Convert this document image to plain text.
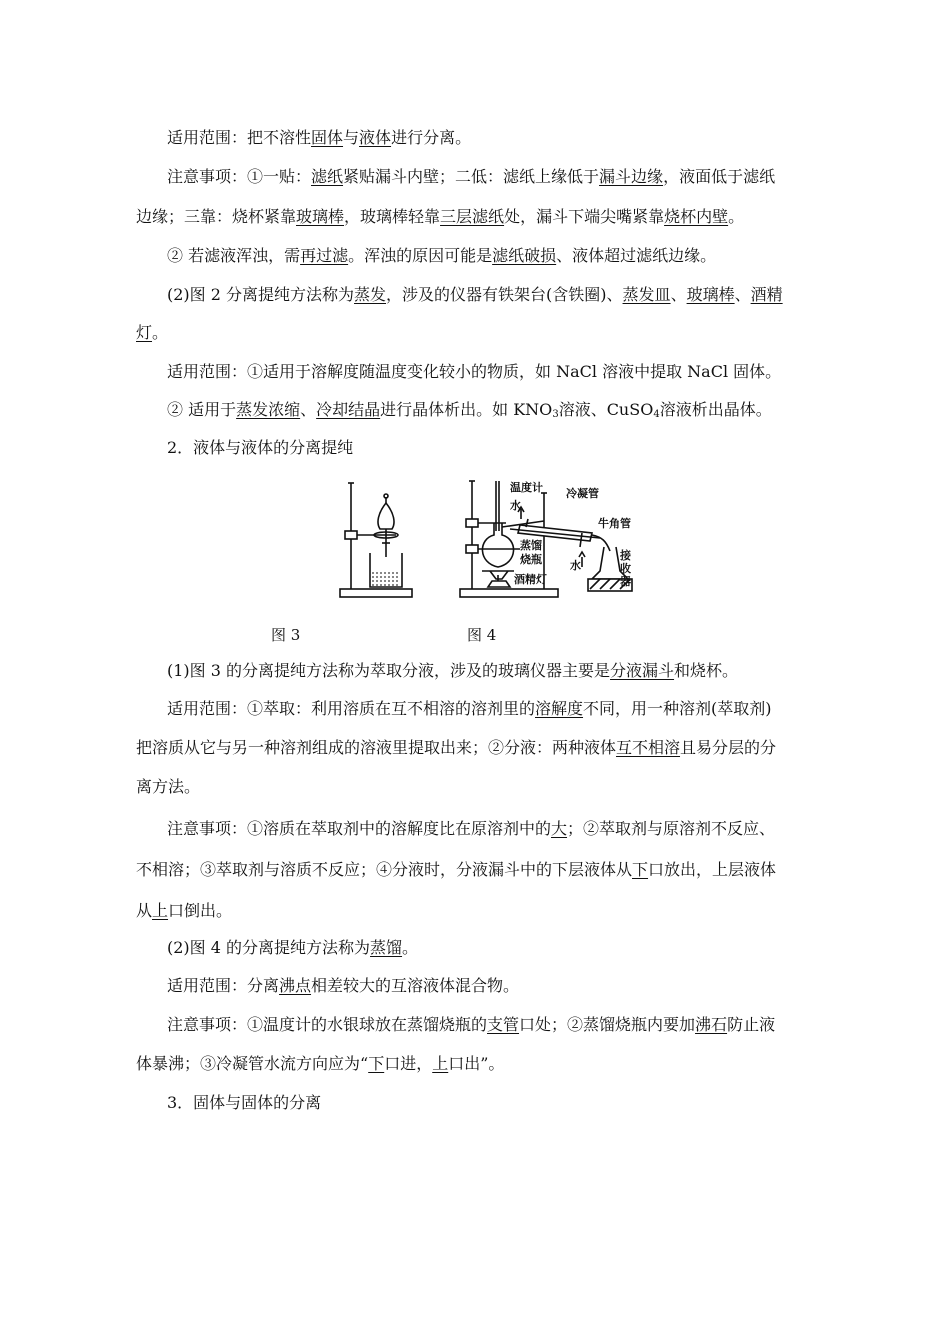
适用范围：把不溶性固体与液体进行分离。
注意事项：①一贴：滤纸紧贴漏斗内壁；二低：滤纸上缘低于漏斗边缘，液面低于滤纸
边缘；三靠：烧杯紧靠玻璃棒，玻璃棒轻靠三层滤纸处，漏斗下端尖嘴紧靠烧杯内壁。
② 若滤液浑浊，需再过滤。浑浊的原因可能是滤纸破损、液体超过滤纸边缘。
(2)图 2 分离提纯方法称为蒸发，涉及的仪器有铁架台(含铁圈)、蒸发皿、玻璃棒、酒精
灯。
适用范围：①适用于溶解度随温度变化较小的物质，如 NaCl 溶液中提取 NaCl 固体。
② 适用于蒸发浓缩、冷却结晶进行晶体析出。如 $KNO_3$溶液、CuSO$_4$溶液析出晶体。
2．液体与液体的分离提纯
温度计
水
冷凝管
牛角管
蒸馏
烧瓶	水
酒精灯
接
收
器
图 3	图 4
(1)图 3 的分离提纯方法称为萃取分液，涉及的玻璃仪器主要是分液漏斗和烧杯。
适用范围：①萃取：利用溶质在互不相溶的溶剂里的溶解度不同，用一种溶剂(萃取剂)
把溶质从它与另一种溶剂组成的溶液里提取出来；②分液：两种液体互不相溶且易分层的分
离方法。
注意事项：①溶质在萃取剂中的溶解度比在原溶剂中的大；②萃取剂与原溶剂不反应、
不相溶；③萃取剂与溶质不反应；④分液时，分液漏斗中的下层液体从下口放出，上层液体
从上口倒出。
(2)图 4 的分离提纯方法称为蒸馏。
适用范围：分离沸点相差较大的互溶液体混合物。
注意事项：①温度计的水银球放在蒸馏烧瓶的支管口处；②蒸馏烧瓶内要加沸石防止液
体暴沸；③冷凝管水流方向应为“下口进，上口出”。
3．固体与固体的分离
